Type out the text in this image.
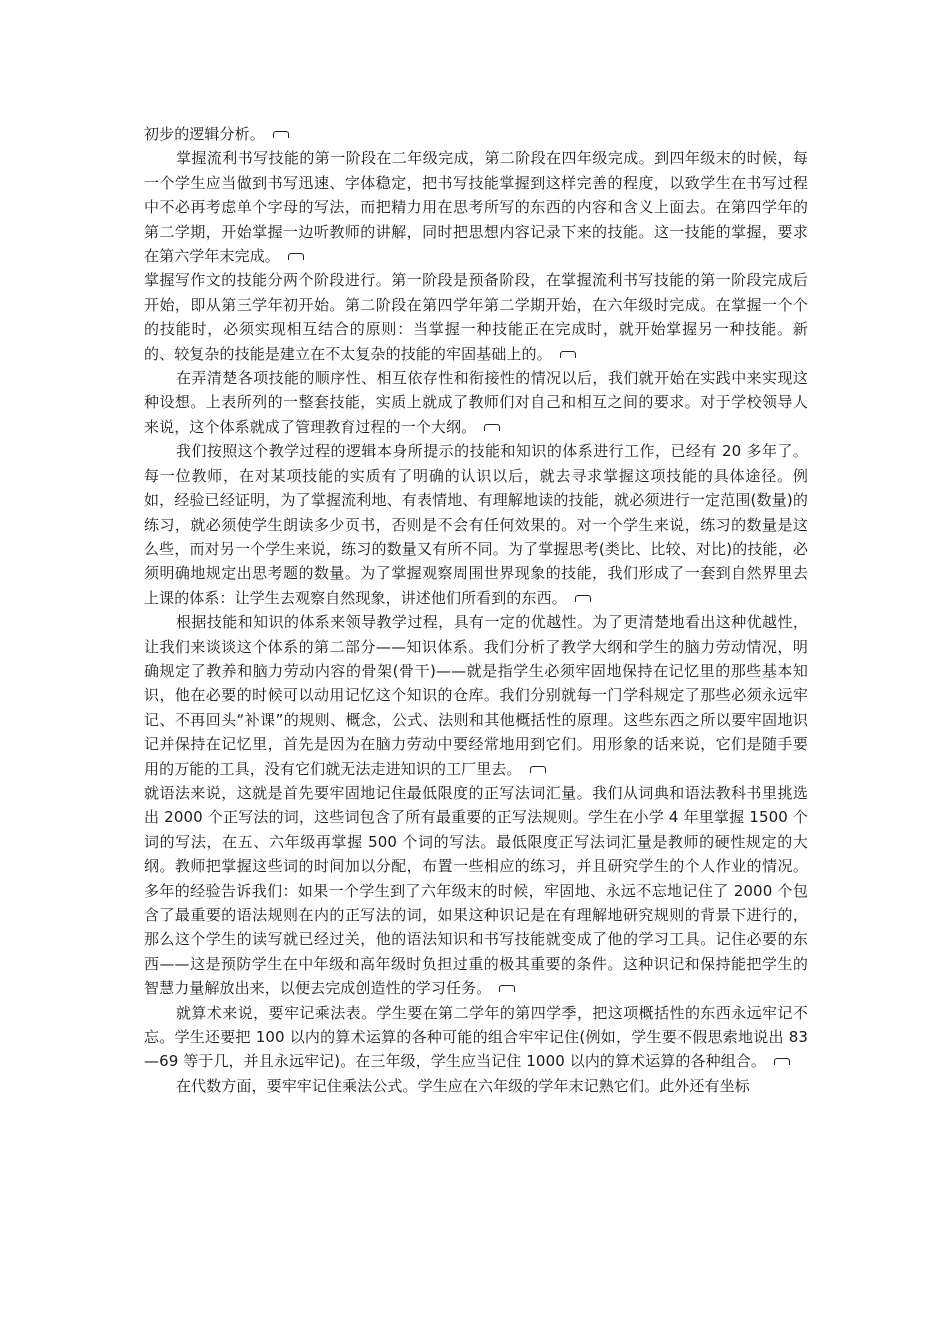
初步的逻辑分析。

掌握流利书写技能的第一阶段在二年级完成，第二阶段在四年级完成。到四年级末的时候，每一个学生应当做到书写迅速、字体稳定，把书写技能掌握到这样完善的程度，以致学生在书写过程中不必再考虑单个字母的写法，而把精力用在思考所写的东西的内容和含义上面去。在第四学年的第二学期，开始掌握一边听教师的讲解，同时把思想内容记录下来的技能。这一技能的掌握，要求在第六学年末完成。

掌握写作文的技能分两个阶段进行。第一阶段是预备阶段，在掌握流利书写技能的第一阶段完成后开始，即从第三学年初开始。第二阶段在第四学年第二学期开始，在六年级时完成。在掌握一个个的技能时，必须实现相互结合的原则：当掌握一种技能正在完成时，就开始掌握另一种技能。新的、较复杂的技能是建立在不太复杂的技能的牢固基础上的。

在弄清楚各项技能的顺序性、相互依存性和衔接性的情况以后，我们就开始在实践中来实现这种设想。上表所列的一整套技能，实质上就成了教师们对自己和相互之间的要求。对于学校领导人来说，这个体系就成了管理教育过程的一个大纲。

我们按照这个教学过程的逻辑本身所提示的技能和知识的体系进行工作，已经有 20 多年了。每一位教师，在对某项技能的实质有了明确的认识以后，就去寻求掌握这项技能的具体途径。例如，经验已经证明，为了掌握流利地、有表情地、有理解地读的技能，就必须进行一定范围(数量)的练习，就必须使学生朗读多少页书，否则是不会有任何效果的。对一个学生来说，练习的数量是这么些，而对另一个学生来说，练习的数量又有所不同。为了掌握思考(类比、比较、对比)的技能，必须明确地规定出思考题的数量。为了掌握观察周围世界现象的技能，我们形成了一套到自然界里去上课的体系：让学生去观察自然现象，讲述他们所看到的东西。

根据技能和知识的体系来领导教学过程，具有一定的优越性。为了更清楚地看出这种优越性，让我们来谈谈这个体系的第二部分——知识体系。我们分析了教学大纲和学生的脑力劳动情况，明确规定了教养和脑力劳动内容的骨架(骨干)——就是指学生必须牢固地保持在记忆里的那些基本知识，他在必要的时候可以动用记忆这个知识的仓库。我们分别就每一门学科规定了那些必须永远牢记、不再回头“补课”的规则、概念，公式、法则和其他概括性的原理。这些东西之所以要牢固地识记并保持在记忆里，首先是因为在脑力劳动中要经常地用到它们。用形象的话来说，它们是随手要用的万能的工具，没有它们就无法走进知识的工厂里去。

就语法来说，这就是首先要牢固地记住最低限度的正写法词汇量。我们从词典和语法教科书里挑选出 2000 个正写法的词，这些词包含了所有最重要的正写法规则。学生在小学 4 年里掌握 1500 个词的写法，在五、六年级再掌握 500 个词的写法。最低限度正写法词汇量是教师的硬性规定的大纲。教师把掌握这些词的时间加以分配，布置一些相应的练习，并且研究学生的个人作业的情况。多年的经验告诉我们：如果一个学生到了六年级末的时候，牢固地、永远不忘地记住了 2000 个包含了最重要的语法规则在内的正写法的词，如果这种识记是在有理解地研究规则的背景下进行的，那么这个学生的读写就已经过关，他的语法知识和书写技能就变成了他的学习工具。记住必要的东西——这是预防学生在中年级和高年级时负担过重的极其重要的条件。这种识记和保持能把学生的智慧力量解放出来，以便去完成创造性的学习任务。

就算术来说，要牢记乘法表。学生要在第二学年的第四学季，把这项概括性的东西永远牢记不忘。学生还要把 100 以内的算术运算的各种可能的组合牢牢记住(例如，学生要不假思索地说出 83—69 等于几，并且永远牢记)。在三年级，学生应当记住 1000 以内的算术运算的各种组合。

在代数方面，要牢牢记住乘法公式。学生应在六年级的学年末记熟它们。此外还有坐标
